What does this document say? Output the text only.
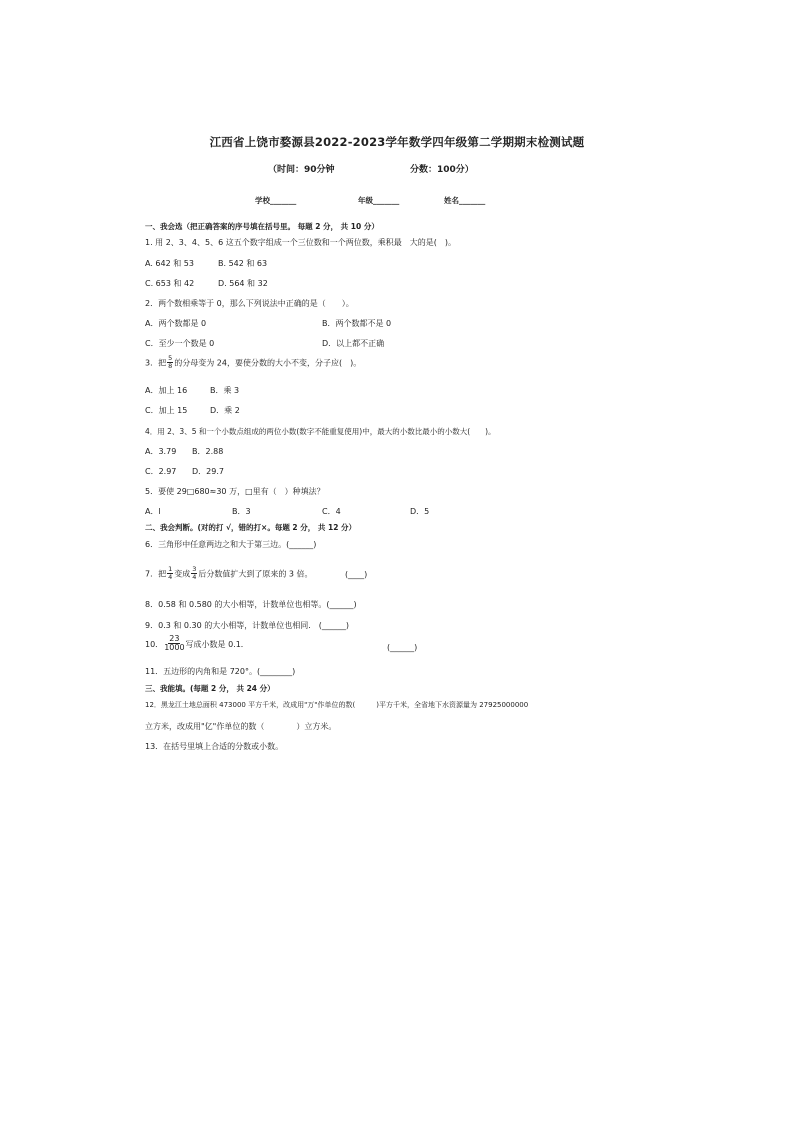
江西省上饶市婺源县2022-2023学年数学四年级第二学期期末检测试题
（时间：90分钟	分数：100分）
学校_______	年级_______	姓名_______
一、我会选（把正确答案的序号填在括号里。 每题 2 分， 共 10 分）
1. 用 2、3、4、5、6 这五个数字组成一个三位数和一个两位数，乘积最　大的是(　)。
A. 642 和 53	B. 542 和 63
C. 653 和 42	D. 564 和 32
2．两个数相乘等于 0，那么下列说法中正确的是（　　）。
A．两个数都是 0	B．两个数都不是 0
C．至少一个数是 0	D．以上都不正确
3．把 $\frac{5}{8}$ 的分母变为 24，要使分数的大小不变，分子应(　)。
A．加上 16	B．乘 3
C．加上 15	D．乘 2
4．用 2、3、5 和一个小数点组成的两位小数(数字不能重复使用)中，最大的小数比最小的小数大(　　)。
A．3.79 B．2.88
C．2.97 D．29.7
5．要使 29□680≈30 万，□里有（　）种填法？
A．l	B．3	C．4	D．5
二、我会判断。(对的打 √，错的打×。每题 2 分， 共 12 分）
6．三角形中任意两边之和大于第三边。(______)
7．把 $\frac{1}{4}$ 变成 $\frac{3}{4}$ 后分数值扩大到了原来的 3 倍。	(____)
8．0.58 和 0.580 的大小相等，计数单位也相等。(______)
9．0.3 和 0.30 的大小相等，计数单位也相同.　(______)
10． $\frac{23}{1000}$ 写成小数是 0.1．	(______)
11．五边形的内角和是 720°。(________)
三、我能填。(每题 2 分， 共 24 分）
12．黑龙江土地总面积 473000 平方千米，改成用"万"作单位的数(　　　)平方千米，全省地下水资源量为 27925000000
立方米，改成用"亿"作单位的数（　　　　）立方米。
13．在括号里填上合适的分数或小数。
